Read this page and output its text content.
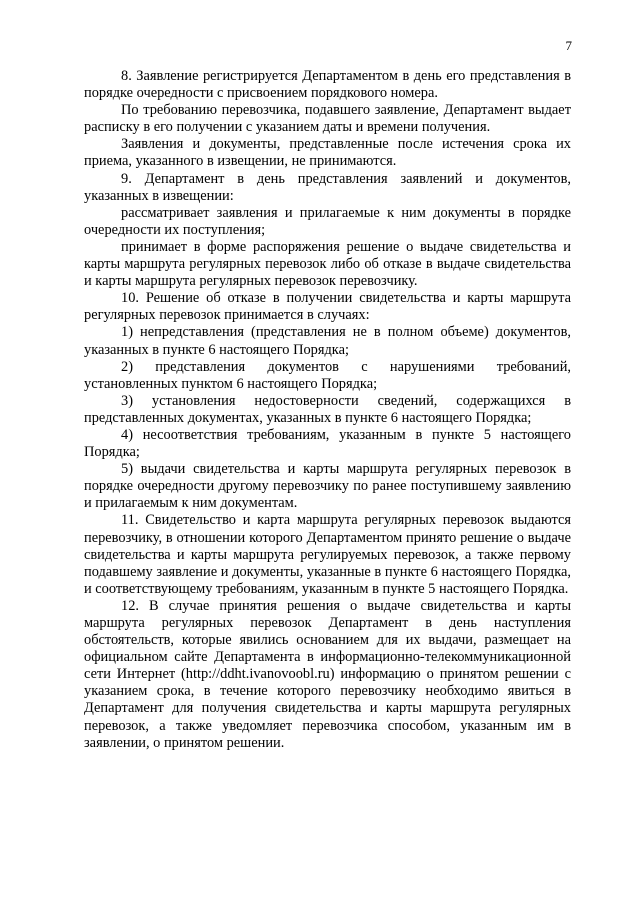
7

8. Заявление регистрируется Департаментом в день его представления в порядке очередности с присвоением порядкового номера.

По требованию перевозчика, подавшего заявление, Департамент выдает расписку в его получении с указанием даты и времени получения.

Заявления и документы, представленные после истечения срока их приема, указанного в извещении, не принимаются.

9. Департамент в день представления заявлений и документов, указанных в извещении:

рассматривает заявления и прилагаемые к ним документы в порядке очередности их поступления;

принимает в форме распоряжения решение о выдаче свидетельства и карты маршрута регулярных перевозок либо об отказе в выдаче свидетельства и карты маршрута регулярных перевозок перевозчику.

10. Решение об отказе в получении свидетельства и карты маршрута регулярных перевозок принимается в случаях:

1) непредставления (представления не в полном объеме) документов, указанных в пункте 6 настоящего Порядка;

2) представления документов с нарушениями требований, установленных пунктом 6 настоящего Порядка;

3) установления недостоверности сведений, содержащихся в представленных документах, указанных в пункте 6 настоящего Порядка;

4) несоответствия требованиям, указанным в пункте 5 настоящего Порядка;

5) выдачи свидетельства и карты маршрута регулярных перевозок в порядке очередности другому перевозчику по ранее поступившему заявлению и прилагаемым к ним документам.

11. Свидетельство и карта маршрута регулярных перевозок выдаются перевозчику, в отношении которого Департаментом принято решение о выдаче свидетельства и карты маршрута регулируемых перевозок, а также первому подавшему заявление и документы, указанные в пункте 6 настоящего Порядка, и соответствующему требованиям, указанным в пункте 5 настоящего Порядка.

12. В случае принятия решения о выдаче свидетельства и карты маршрута регулярных перевозок Департамент в день наступления обстоятельств, которые явились основанием для их выдачи, размещает на официальном сайте Департамента в информационно-телекоммуникационной сети Интернет (http://ddht.ivanovoobl.ru) информацию о принятом решении с указанием срока, в течение которого перевозчику необходимо явиться в Департамент для получения свидетельства и карты маршрута регулярных перевозок, а также уведомляет перевозчика способом, указанным им в заявлении, о принятом решении.
